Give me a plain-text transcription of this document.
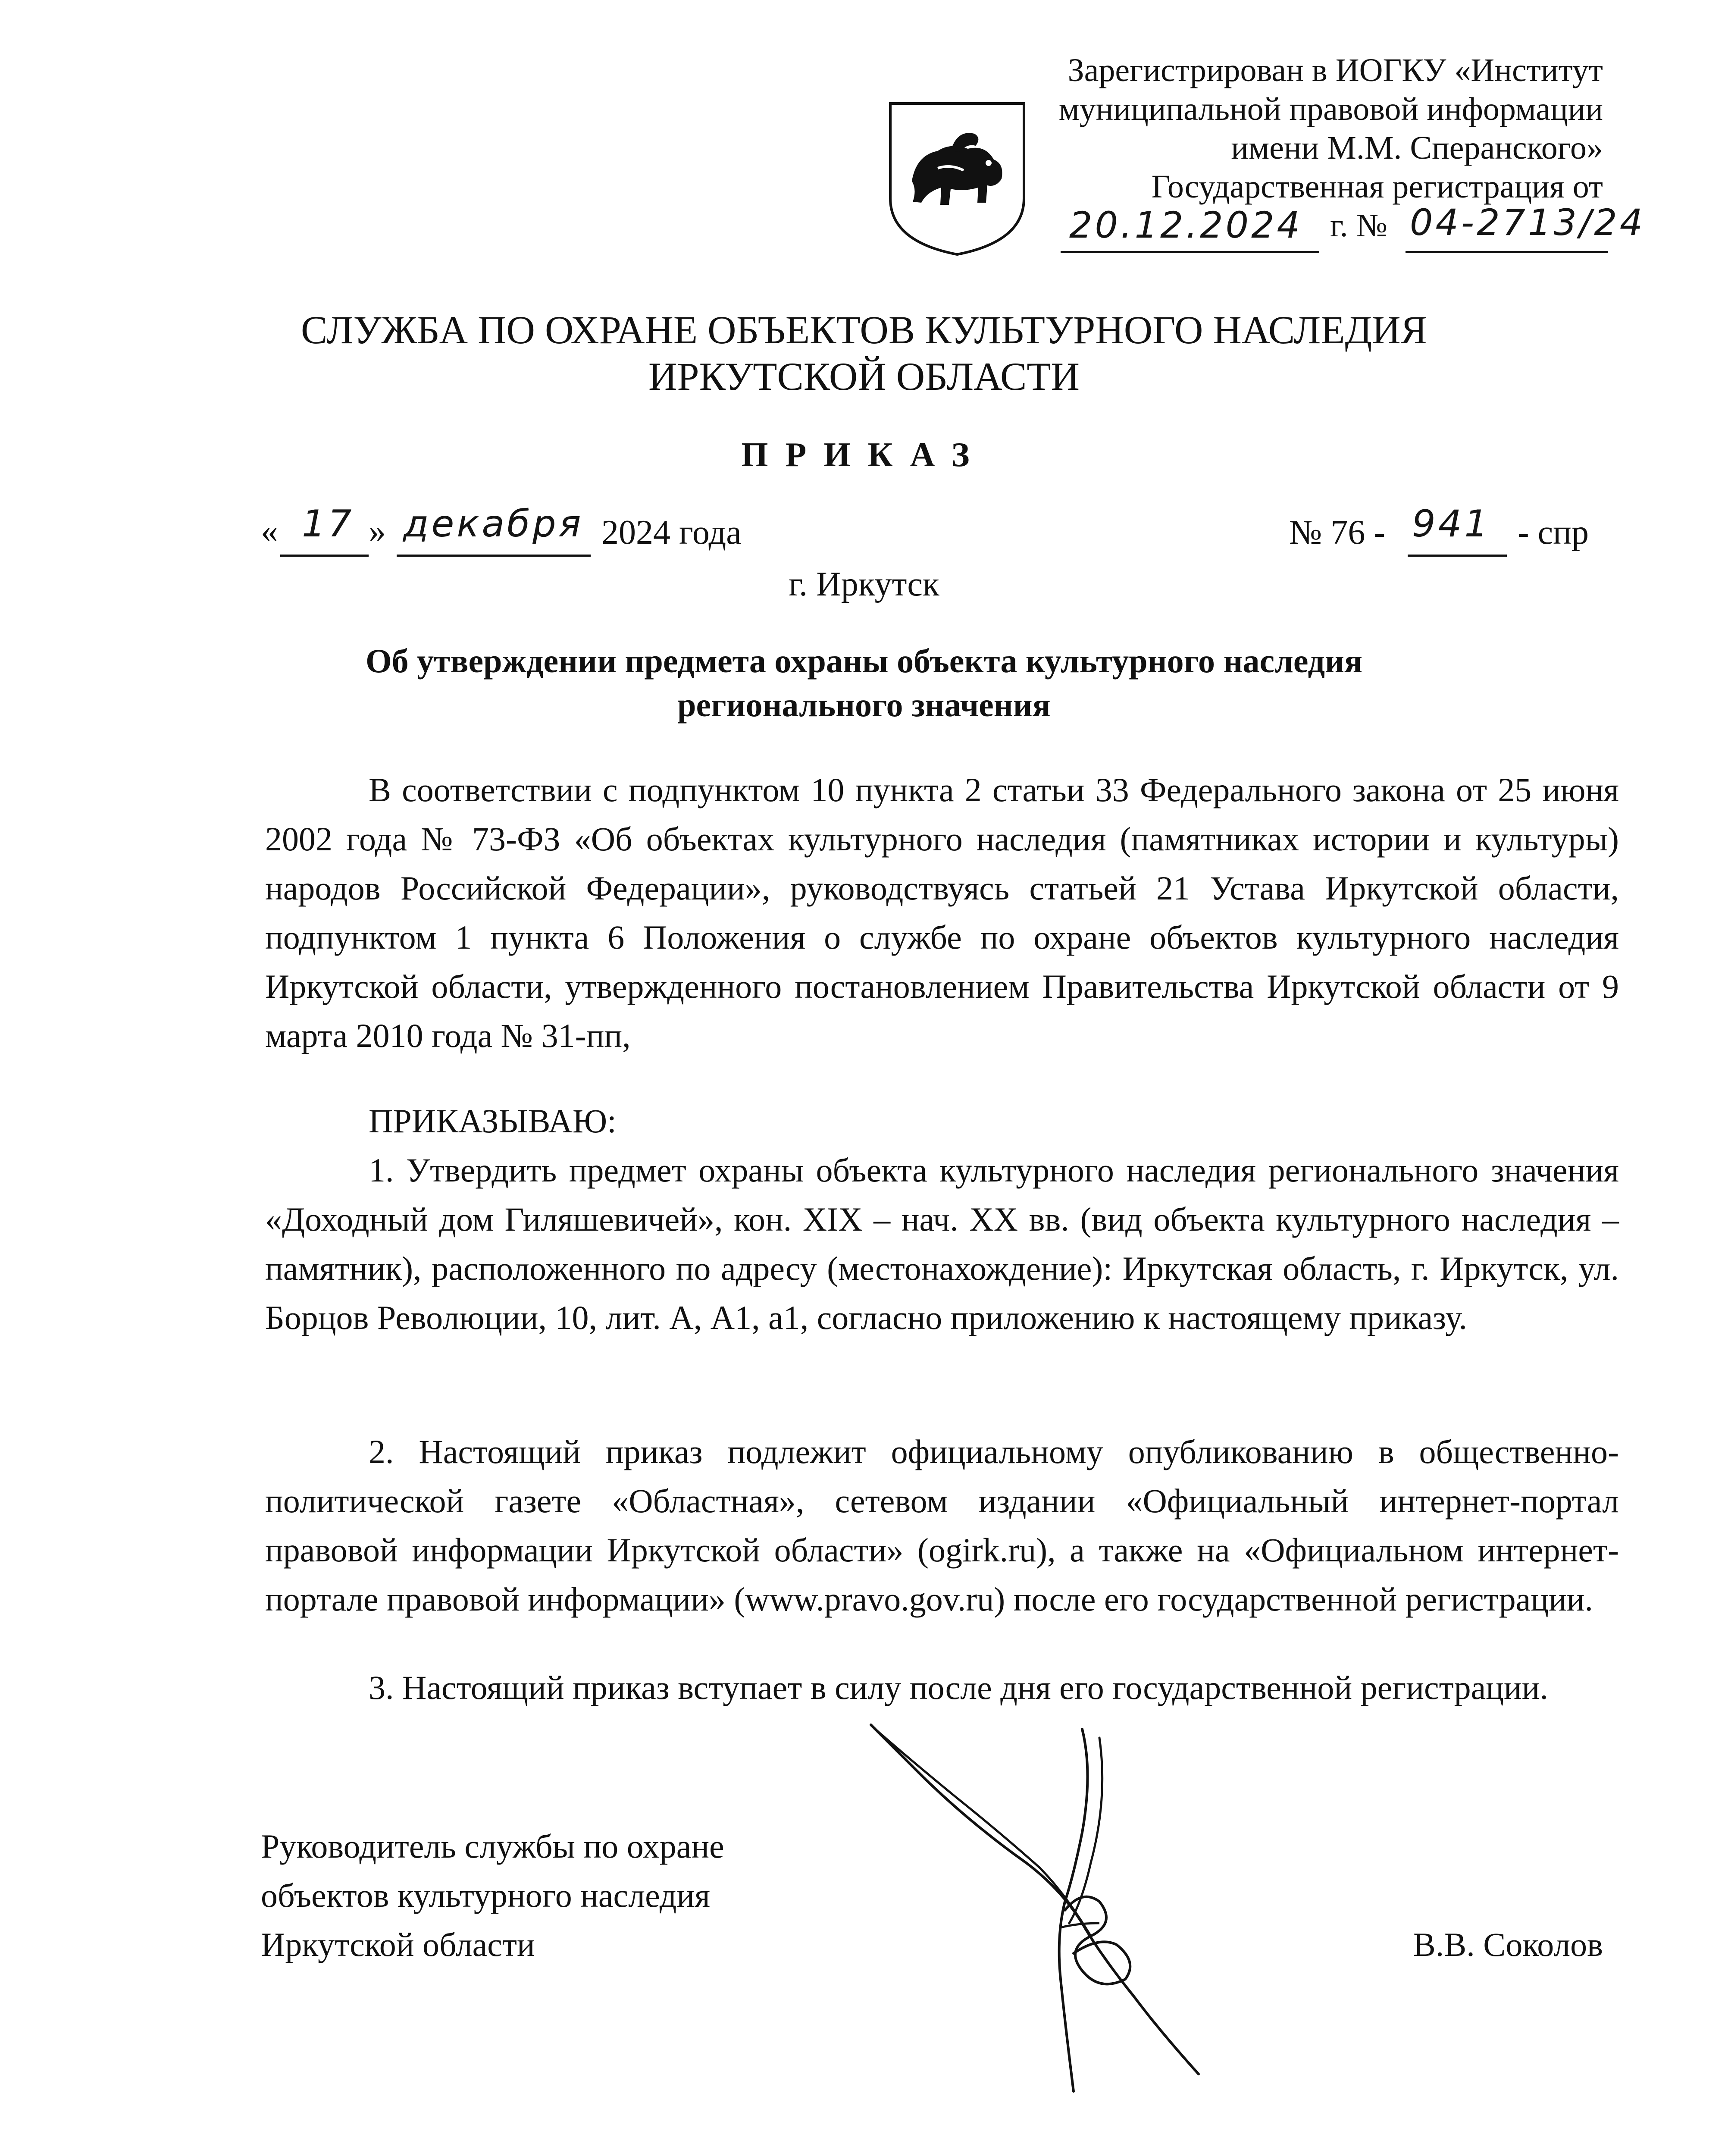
Зарегистрирован в ИОГКУ «Институт
муниципальной правовой информации
имени М.М. Сперанского»
Государственная регистрация от
20.12.2024 г. № 04-2713/24
СЛУЖБА ПО ОХРАНЕ ОБЪЕКТОВ КУЛЬТУРНОГО НАСЛЕДИЯ
ИРКУТСКОЙ ОБЛАСТИ
ПРИКАЗ
« 17 » декабря 2024 года	№ 76 - 941 - спр
г. Иркутск
Об утверждении предмета охраны объекта культурного наследия
регионального значения
В соответствии с подпунктом 10 пункта 2 статьи 33 Федерального закона от 25 июня 2002 года № 73-ФЗ «Об объектах культурного наследия (памятниках истории и культуры) народов Российской Федерации», руководствуясь статьей 21 Устава Иркутской области, подпунктом 1 пункта 6 Положения о службе по охране объектов культурного наследия Иркутской области, утвержденного постановлением Правительства Иркутской области от 9 марта 2010 года № 31-пп,
ПРИКАЗЫВАЮ:
1. Утвердить предмет охраны объекта культурного наследия регионального значения «Доходный дом Гиляшевичей», кон. XIX – нач. XX вв. (вид объекта культурного наследия – памятник), расположенного по адресу (местонахождение): Иркутская область, г. Иркутск, ул. Борцов Революции, 10, лит. А, А1, а1, согласно приложению к настоящему приказу.
2. Настоящий приказ подлежит официальному опубликованию в общественно-политической газете «Областная», сетевом издании «Официальный интернет-портал правовой информации Иркутской области» (ogirk.ru), а также на «Официальном интернет-портале правовой информации» (www.pravo.gov.ru) после его государственной регистрации.
3. Настоящий приказ вступает в силу после дня его государственной регистрации.
Руководитель службы по охране
объектов культурного наследия
Иркутской области	В.В. Соколов
